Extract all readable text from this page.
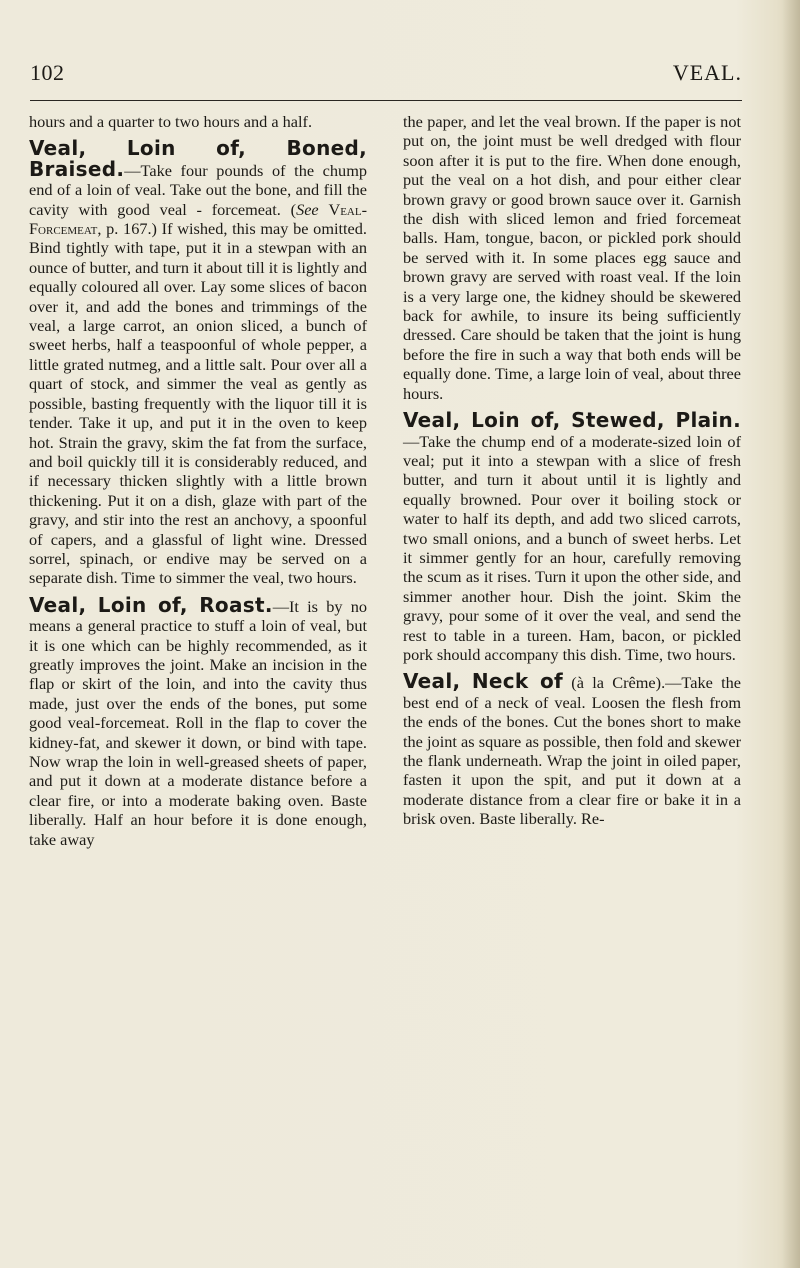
102	VEAL.

hours and a quarter to two hours and a half.

Veal, Loin of, Boned, Braised.—Take four pounds of the chump end of a loin of veal. Take out the bone, and fill the cavity with good veal - forcemeat. (See Veal-Forcemeat, p. 167.) If wished, this may be omitted. Bind tightly with tape, put it in a stewpan with an ounce of butter, and turn it about till it is lightly and equally coloured all over. Lay some slices of bacon over it, and add the bones and trimmings of the veal, a large carrot, an onion sliced, a bunch of sweet herbs, half a teaspoonful of whole pepper, a little grated nutmeg, and a little salt. Pour over all a quart of stock, and simmer the veal as gently as possible, basting frequently with the liquor till it is tender. Take it up, and put it in the oven to keep hot. Strain the gravy, skim the fat from the surface, and boil quickly till it is considerably reduced, and if necessary thicken slightly with a little brown thickening. Put it on a dish, glaze with part of the gravy, and stir into the rest an anchovy, a spoonful of capers, and a glassful of light wine. Dressed sorrel, spinach, or endive may be served on a separate dish. Time to simmer the veal, two hours.

Veal, Loin of, Roast.—It is by no means a general practice to stuff a loin of veal, but it is one which can be highly recommended, as it greatly improves the joint. Make an incision in the flap or skirt of the loin, and into the cavity thus made, just over the ends of the bones, put some good veal-forcemeat. Roll in the flap to cover the kidney-fat, and skewer it down, or bind with tape. Now wrap the loin in well-greased sheets of paper, and put it down at a moderate distance before a clear fire, or into a moderate baking oven. Baste liberally. Half an hour before it is done enough, take away

the paper, and let the veal brown. If the paper is not put on, the joint must be well dredged with flour soon after it is put to the fire. When done enough, put the veal on a hot dish, and pour either clear brown gravy or good brown sauce over it. Garnish the dish with sliced lemon and fried forcemeat balls. Ham, tongue, bacon, or pickled pork should be served with it. In some places egg sauce and brown gravy are served with roast veal. If the loin is a very large one, the kidney should be skewered back for awhile, to insure its being sufficiently dressed. Care should be taken that the joint is hung before the fire in such a way that both ends will be equally done. Time, a large loin of veal, about three hours.

Veal, Loin of, Stewed, Plain.—Take the chump end of a moderate-sized loin of veal; put it into a stewpan with a slice of fresh butter, and turn it about until it is lightly and equally browned. Pour over it boiling stock or water to half its depth, and add two sliced carrots, two small onions, and a bunch of sweet herbs. Let it simmer gently for an hour, carefully removing the scum as it rises. Turn it upon the other side, and simmer another hour. Dish the joint. Skim the gravy, pour some of it over the veal, and send the rest to table in a tureen. Ham, bacon, or pickled pork should accompany this dish. Time, two hours.

Veal, Neck of (à la Crême).—Take the best end of a neck of veal. Loosen the flesh from the ends of the bones. Cut the bones short to make the joint as square as possible, then fold and skewer the flank underneath. Wrap the joint in oiled paper, fasten it upon the spit, and put it down at a moderate distance from a clear fire or bake it in a brisk oven. Baste liberally. Re-
